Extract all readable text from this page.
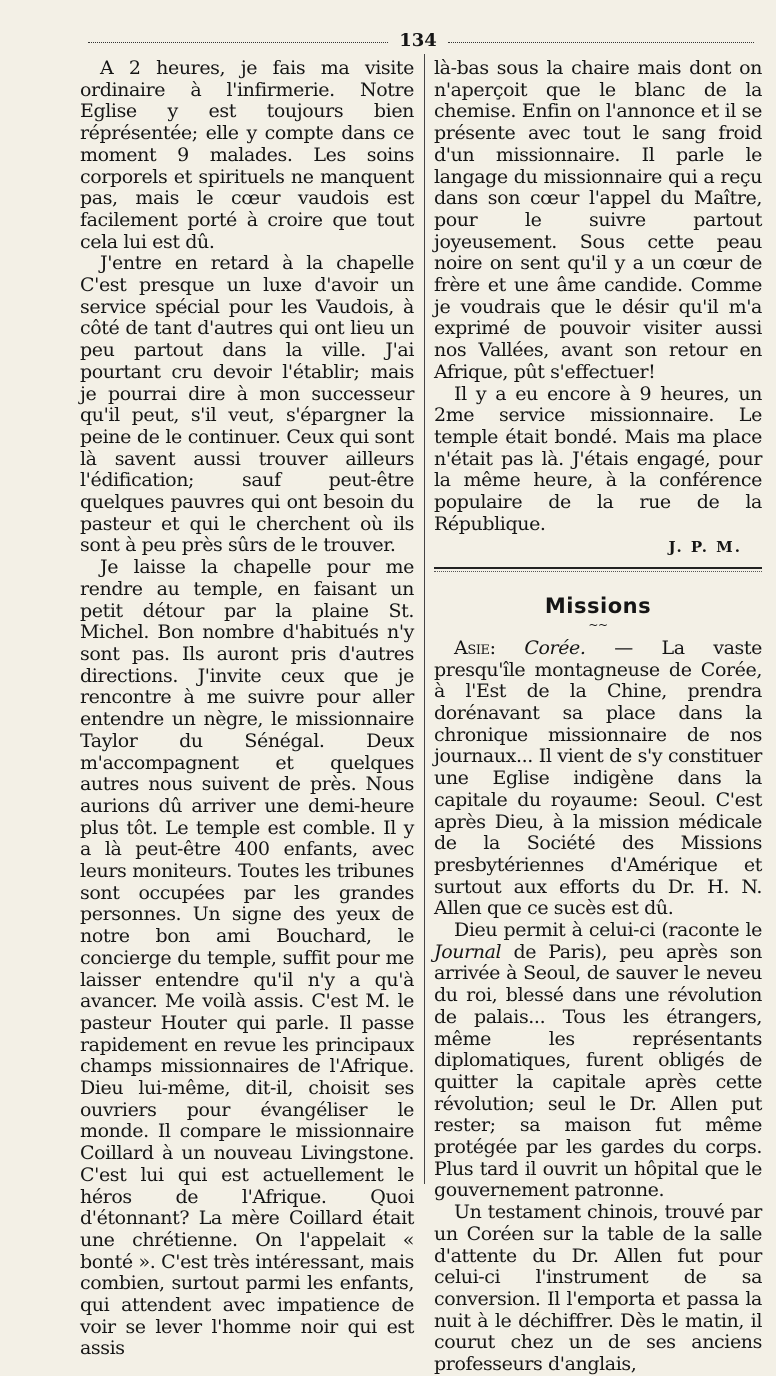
134

A 2 heures, je fais ma visite ordinaire à l'infirmerie. Notre Eglise y est toujours bien réprésentée; elle y compte dans ce moment 9 malades. Les soins corporels et spirituels ne manquent pas, mais le cœur vaudois est facilement porté à croire que tout cela lui est dû.

J'entre en retard à la chapelle C'est presque un luxe d'avoir un service spécial pour les Vaudois, à côté de tant d'autres qui ont lieu un peu partout dans la ville. J'ai pourtant cru devoir l'établir; mais je pourrai dire à mon successeur qu'il peut, s'il veut, s'épargner la peine de le continuer. Ceux qui sont là savent aussi trouver ailleurs l'édification; sauf peut-être quelques pauvres qui ont besoin du pasteur et qui le cherchent où ils sont à peu près sûrs de le trouver.

Je laisse la chapelle pour me rendre au temple, en faisant un petit détour par la plaine St. Michel. Bon nombre d'habitués n'y sont pas. Ils auront pris d'autres directions. J'invite ceux que je rencontre à me suivre pour aller entendre un nègre, le missionnaire Taylor du Sénégal. Deux m'accompagnent et quelques autres nous suivent de près. Nous aurions dû arriver une demi-heure plus tôt. Le temple est comble. Il y a là peut-être 400 enfants, avec leurs moniteurs. Toutes les tribunes sont occupées par les grandes personnes. Un signe des yeux de notre bon ami Bouchard, le concierge du temple, suffit pour me laisser entendre qu'il n'y a qu'à avancer. Me voilà assis. C'est M. le pasteur Houter qui parle. Il passe rapidement en revue les principaux champs missionnaires de l'Afrique. Dieu lui-même, dit-il, choisit ses ouvriers pour évangéliser le monde. Il compare le missionnaire Coillard à un nouveau Livingstone. C'est lui qui est actuellement le héros de l'Afrique. Quoi d'étonnant? La mère Coillard était une chrétienne. On l'appelait « bonté ». C'est très intéressant, mais combien, surtout parmi les enfants, qui attendent avec impatience de voir se lever l'homme noir qui est assis

là-bas sous la chaire mais dont on n'aperçoit que le blanc de la chemise. Enfin on l'annonce et il se présente avec tout le sang froid d'un missionnaire. Il parle le langage du missionnaire qui a reçu dans son cœur l'appel du Maître, pour le suivre partout joyeusement. Sous cette peau noire on sent qu'il y a un cœur de frère et une âme candide. Comme je voudrais que le désir qu'il m'a exprimé de pouvoir visiter aussi nos Vallées, avant son retour en Afrique, pût s'effectuer!

Il y a eu encore à 9 heures, un 2me service missionnaire. Le temple était bondé. Mais ma place n'était pas là. J'étais engagé, pour la même heure, à la conférence populaire de la rue de la République.

J. P. M.
Missions
~~

Asie: Corée. — La vaste presqu'île montagneuse de Corée, à l'Est de la Chine, prendra dorénavant sa place dans la chronique missionnaire de nos journaux... Il vient de s'y constituer une Eglise indigène dans la capitale du royaume: Seoul. C'est après Dieu, à la mission médicale de la Société des Missions presbytériennes d'Amérique et surtout aux efforts du Dr. H. N. Allen que ce sucès est dû.

Dieu permit à celui-ci (raconte le Journal de Paris), peu après son arrivée à Seoul, de sauver le neveu du roi, blessé dans une révolution de palais... Tous les étrangers, même les représentants diplomatiques, furent obligés de quitter la capitale après cette révolution; seul le Dr. Allen put rester; sa maison fut même protégée par les gardes du corps. Plus tard il ouvrit un hôpital que le gouvernement patronne.

Un testament chinois, trouvé par un Coréen sur la table de la salle d'attente du Dr. Allen fut pour celui-ci l'instrument de sa conversion. Il l'emporta et passa la nuit à le déchiffrer. Dès le matin, il courut chez un de ses anciens professeurs d'anglais,
